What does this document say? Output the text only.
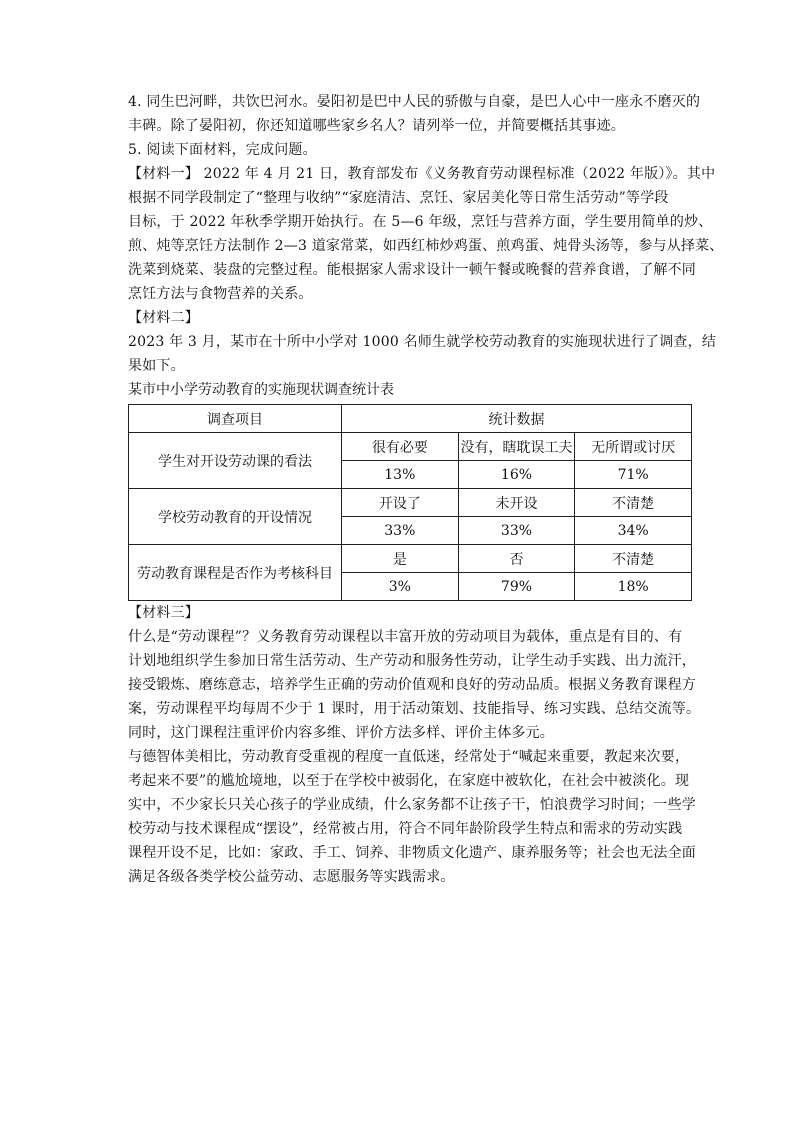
4. 同生巴河畔，共饮巴河水。晏阳初是巴中人民的骄傲与自豪，是巴人心中一座永不磨灭的
丰碑。除了晏阳初，你还知道哪些家乡名人？请列举一位，并简要概括其事迹。
5. 阅读下面材料，完成问题。
【材料一】 2022 年 4 月 21 日，教育部发布《义务教育劳动课程标准（2022 年版）》。其中
根据不同学段制定了“整理与收纳”“家庭清洁、烹饪、家居美化等日常生活劳动”等学段
目标，于 2022 年秋季学期开始执行。在 5—6 年级，烹饪与营养方面，学生要用简单的炒、
煎、炖等烹饪方法制作 2—3 道家常菜，如西红柿炒鸡蛋、煎鸡蛋、炖骨头汤等，参与从择菜、
洗菜到烧菜、装盘的完整过程。能根据家人需求设计一顿午餐或晚餐的营养食谱，了解不同
烹饪方法与食物营养的关系。
【材料二】
2023 年 3 月，某市在十所中小学对 1000 名师生就学校劳动教育的实施现状进行了调查，结
果如下。
某市中小学劳动教育的实施现状调查统计表
调查项目	统计数据		
学生对开设劳动课的看法	很有必要	没有，瞎耽误工夫	无所谓或讨厌
	13%	16%	71%
学校劳动教育的开设情况	开设了	未开设	不清楚
	33%	33%	34%
劳动教育课程是否作为考核科目	是	否	不清楚
	3%	79%	18%
【材料三】
什么是“劳动课程”？义务教育劳动课程以丰富开放的劳动项目为载体，重点是有目的、有
计划地组织学生参加日常生活劳动、生产劳动和服务性劳动，让学生动手实践、出力流汗，
接受锻炼、磨练意志，培养学生正确的劳动价值观和良好的劳动品质。根据义务教育课程方
案，劳动课程平均每周不少于 1 课时，用于活动策划、技能指导、练习实践、总结交流等。
同时，这门课程注重评价内容多维、评价方法多样、评价主体多元。
与德智体美相比，劳动教育受重视的程度一直低迷，经常处于“喊起来重要，教起来次要，
考起来不要”的尴尬境地，以至于在学校中被弱化，在家庭中被软化，在社会中被淡化。现
实中，不少家长只关心孩子的学业成绩，什么家务都不让孩子干，怕浪费学习时间；一些学
校劳动与技术课程成“摆设”，经常被占用，符合不同年龄阶段学生特点和需求的劳动实践
课程开设不足，比如：家政、手工、饲养、非物质文化遗产、康养服务等；社会也无法全面
满足各级各类学校公益劳动、志愿服务等实践需求。
